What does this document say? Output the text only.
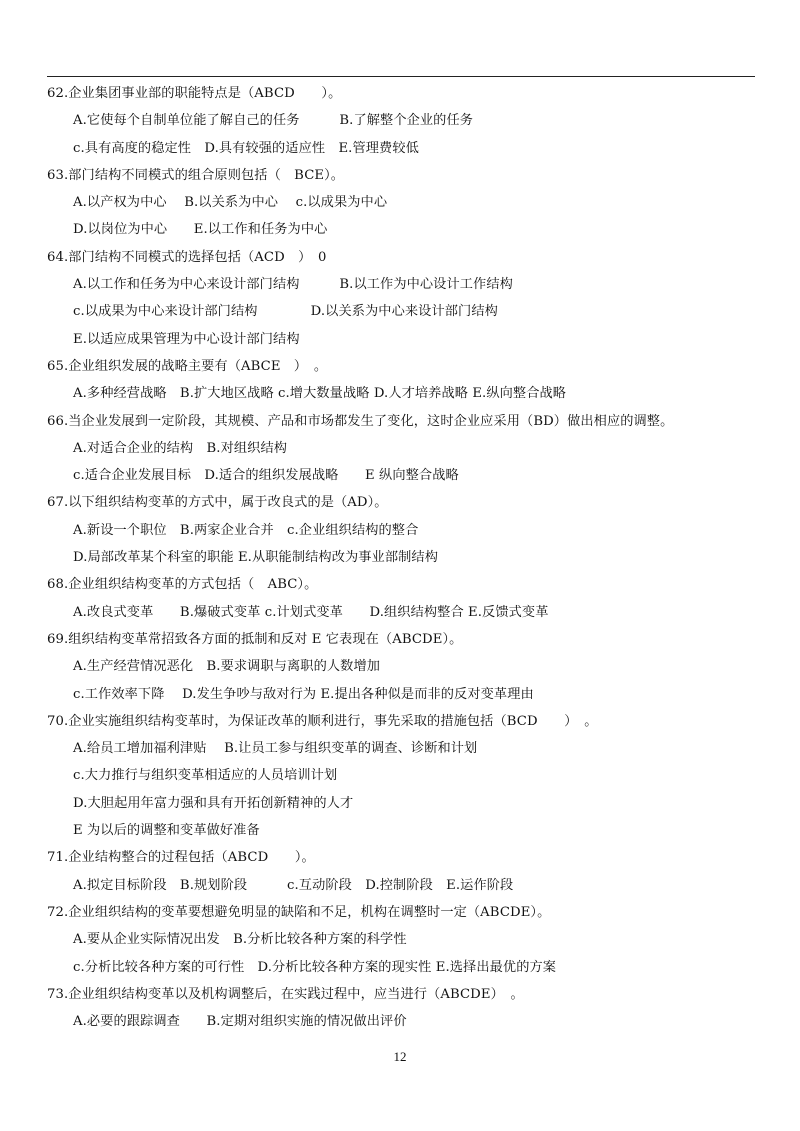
62.企业集团事业部的职能特点是（ABCD　　）。
A.它使每个自制单位能了解自己的任务　　　B.了解整个企业的任务
c.具有高度的稳定性　D.具有较强的适应性　E.管理费较低
63.部门结构不同模式的组合原则包括（　BCE）。
A.以产权为中心　 B.以关系为中心　 c.以成果为中心
D.以岗位为中心　　E.以工作和任务为中心
64.部门结构不同模式的选择包括（ACD　）　0
A.以工作和任务为中心来设计部门结构　　　B.以工作为中心设计工作结构
c.以成果为中心来设计部门结构　　　　D.以关系为中心来设计部门结构
E.以适应成果管理为中心设计部门结构
65.企业组织发展的战略主要有（ABCE　）　。
A.多种经营战略　B.扩大地区战略 c.增大数量战略 D.人才培养战略 E.纵向整合战略
66.当企业发展到一定阶段，其规模、产品和市场都发生了变化，这时企业应采用（BD）做出相应的调整。
A.对适合企业的结构　B.对组织结构
c.适合企业发展目标　D.适合的组织发展战略　　E 纵向整合战略
67.以下组织结构变革的方式中，属于改良式的是（AD）。
A.新设一个职位　B.两家企业合并　c.企业组织结构的整合
D.局部改革某个科室的职能 E.从职能制结构改为事业部制结构
68.企业组织结构变革的方式包括（　ABC）。
A.改良式变革　　B.爆破式变革 c.计划式变革　　D.组织结构整合 E.反馈式变革
69.组织结构变革常招致各方面的抵制和反对 E 它表现在（ABCDE）。
A.生产经营情况恶化　B.要求调职与离职的人数增加
c.工作效率下降　 D.发生争吵与敌对行为 E.提出各种似是而非的反对变革理由
70.企业实施组织结构变革时，为保证改革的顺利进行，事先采取的措施包括（BCD　　）　。
A.给员工增加福利津贴　 B.让员工参与组织变革的调查、诊断和计划
c.大力推行与组织变革相适应的人员培训计划
D.大胆起用年富力强和具有开拓创新精神的人才
E 为以后的调整和变革做好准备
71.企业结构整合的过程包括（ABCD　　）。
A.拟定目标阶段　B.规划阶段　　　c.互动阶段　D.控制阶段　E.运作阶段
72.企业组织结构的变革要想避免明显的缺陷和不足，机构在调整时一定（ABCDE）。
A.要从企业实际情况出发　B.分析比较各种方案的科学性
c.分析比较各种方案的可行性　D.分析比较各种方案的现实性 E.选择出最优的方案
73.企业组织结构变革以及机构调整后，在实践过程中，应当进行（ABCDE）　。
A.必要的跟踪调查　　B.定期对组织实施的情况做出评价
12
